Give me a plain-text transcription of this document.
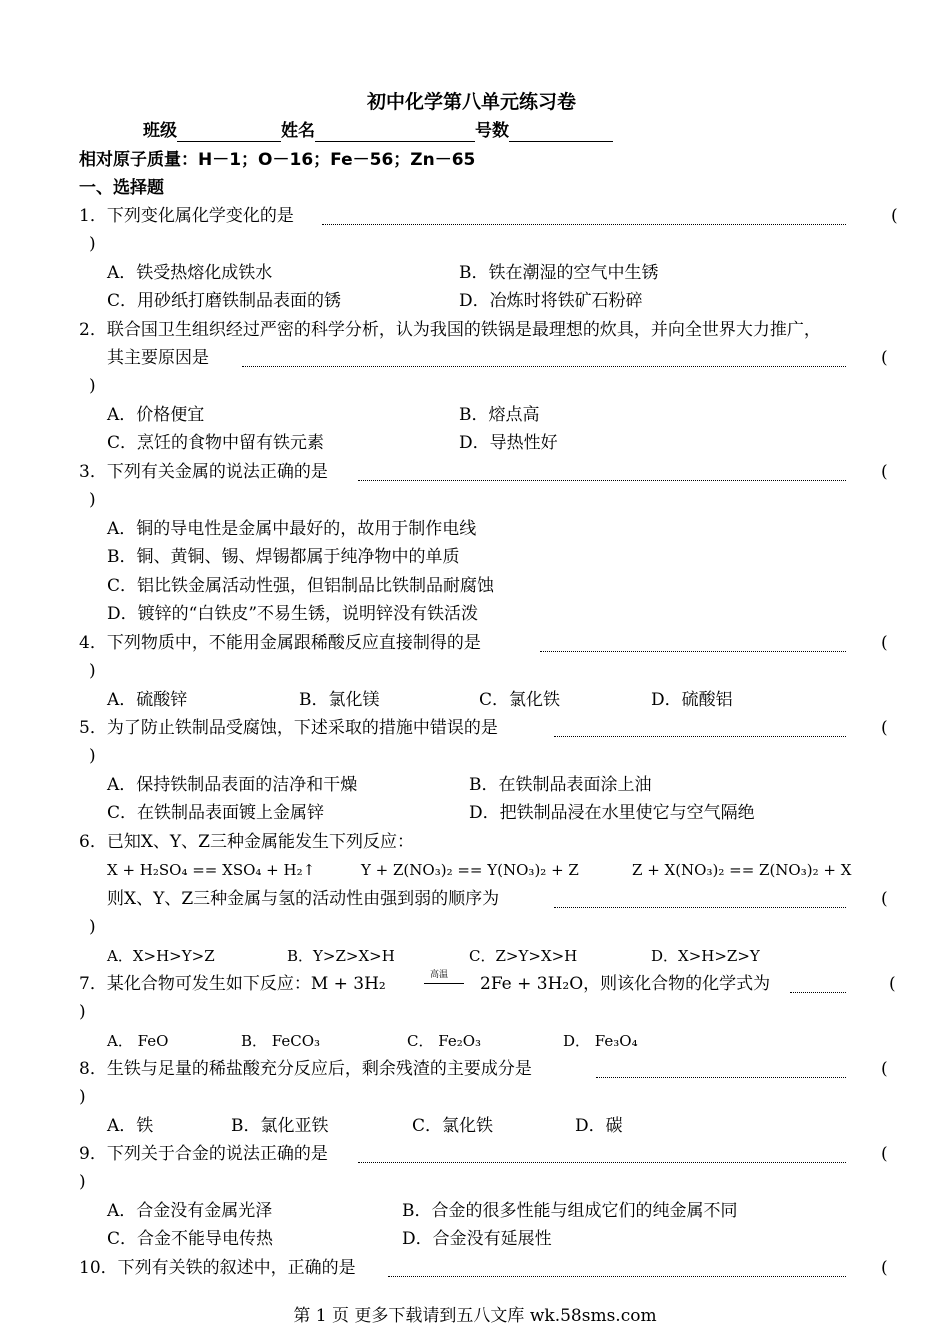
初中化学第八单元练习卷
班级	姓名	号数
相对原子质量：H－1；O－16；Fe－56；Zn－65
一、选择题
1．下列变化属化学变化的是	(
)
A．铁受热熔化成铁水	B．铁在潮湿的空气中生锈
C．用砂纸打磨铁制品表面的锈	D．冶炼时将铁矿石粉碎
2．联合国卫生组织经过严密的科学分析，认为我国的铁锅是最理想的炊具，并向全世界大力推广，
其主要原因是	(
)
A．价格便宜	B．熔点高
C．烹饪的食物中留有铁元素	D．导热性好
3．下列有关金属的说法正确的是	(
)
A．铜的导电性是金属中最好的，故用于制作电线
B．铜、黄铜、锡、焊锡都属于纯净物中的单质
C．铝比铁金属活动性强，但铝制品比铁制品耐腐蚀
D．镀锌的“白铁皮”不易生锈，说明锌没有铁活泼
4．下列物质中，不能用金属跟稀酸反应直接制得的是	(
)
A．硫酸锌	B．氯化镁	C．氯化铁	D．硫酸铝
5．为了防止铁制品受腐蚀，下述采取的措施中错误的是	(
)
A．保持铁制品表面的洁净和干燥	B．在铁制品表面涂上油
C．在铁制品表面镀上金属锌	D．把铁制品浸在水里使它与空气隔绝
6．已知X、Y、Z三种金属能发生下列反应：
X + H₂SO₄ == XSO₄ + H₂↑	Y + Z(NO₃)₂ == Y(NO₃)₂ + Z	Z + X(NO₃)₂ == Z(NO₃)₂ + X
则X、Y、Z三种金属与氢的活动性由强到弱的顺序为	(
)
A．X>H>Y>Z	B．Y>Z>X>H	C．Z>Y>X>H	D．X>H>Z>Y
7．某化合物可发生如下反应：M + 3H₂	高温 2Fe + 3H₂O，则该化合物的化学式为	(
)
A． FeO	B． FeCO₃	C． Fe₂O₃	D． Fe₃O₄
8．生铁与足量的稀盐酸充分反应后，剩余残渣的主要成分是	(
)
A．铁	B．氯化亚铁	C．氯化铁	D．碳
9．下列关于合金的说法正确的是	(
)
A．合金没有金属光泽	B．合金的很多性能与组成它们的纯金属不同
C．合金不能导电传热	D．合金没有延展性
10．下列有关铁的叙述中，正确的是	(
第 1 页 更多下载请到五八文库 wk.58sms.com
